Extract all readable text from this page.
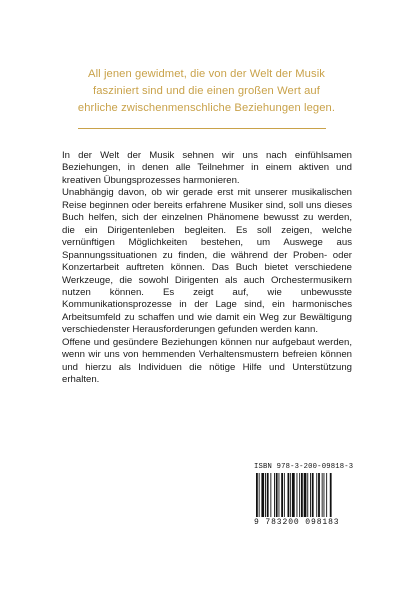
All jenen gewidmet, die von der Welt der Musik
fasziniert sind und die einen großen Wert auf
ehrliche zwischenmenschliche Beziehungen legen.

In der Welt der Musik sehnen wir uns nach einfühlsamen Beziehungen, in denen alle Teilnehmer in einem aktiven und kreativen Übungsprozesses harmonieren.

Unabhängig davon, ob wir gerade erst mit unserer musikalischen Reise beginnen oder bereits erfahrene Musiker sind, soll uns dieses Buch helfen, sich der einzelnen Phänomene bewusst zu werden, die ein Dirigentenleben begleiten. Es soll zeigen, welche vernünftigen Möglichkeiten bestehen, um Auswege aus Spannungssituationen zu finden, die während der Proben- oder Konzertarbeit auftreten können. Das Buch bietet verschiedene Werkzeuge, die sowohl Dirigenten als auch Orchestermusikern nutzen können. Es zeigt auf, wie unbewusste Kommunikationsprozesse in der Lage sind, ein harmonisches Arbeitsumfeld zu schaffen und wie damit ein Weg zur Bewältigung verschiedenster Herausforderungen gefunden werden kann.

Offene und gesündere Beziehungen können nur aufgebaut werden, wenn wir uns von hemmenden Verhaltensmustern befreien können und hierzu als Individuen die nötige Hilfe und Unterstützung erhalten.

ISBN 978-3-200-09818-3
9 783200 098183
